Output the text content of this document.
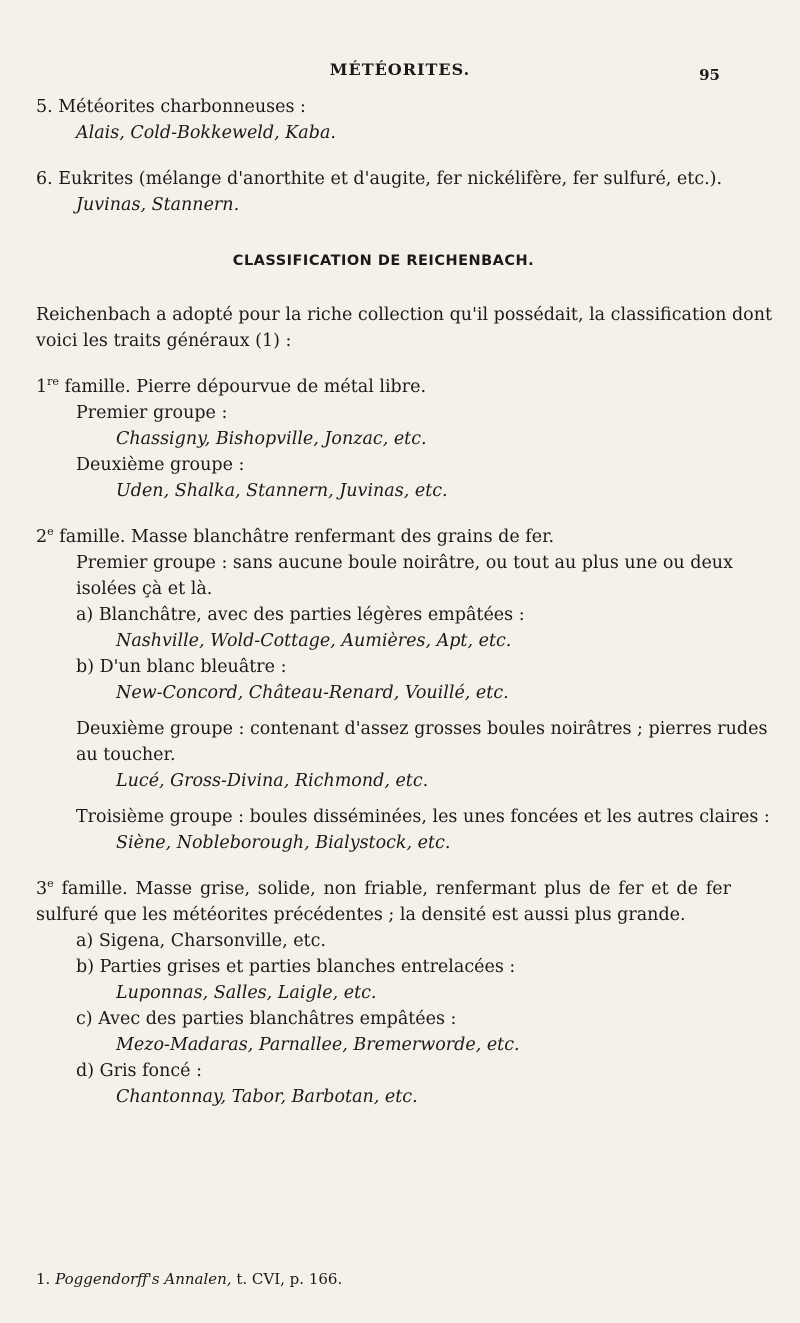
MÉTÉORITES.	95
5. Météorites charbonneuses :
Alais, Cold-Bokkeweld, Kaba.
6. Eukrites (mélange d'anorthite et d'augite, fer nickélifère, fer sulfuré, etc.).
Juvinas, Stannern.
CLASSIFICATION DE REICHENBACH.
Reichenbach a adopté pour la riche collection qu'il possédait, la classification dont
voici les traits généraux (1) :
1re famille. Pierre dépourvue de métal libre.
Premier groupe :
Chassigny, Bishopville, Jonzac, etc.
Deuxième groupe :
Uden, Shalka, Stannern, Juvinas, etc.
2e famille. Masse blanchâtre renfermant des grains de fer.
Premier groupe : sans aucune boule noirâtre, ou tout au plus une ou deux
isolées çà et là.
a) Blanchâtre, avec des parties légères empâtées :
Nashville, Wold-Cottage, Aumières, Apt, etc.
b) D'un blanc bleuâtre :
New-Concord, Château-Renard, Vouillé, etc.
Deuxième groupe : contenant d'assez grosses boules noirâtres ; pierres rudes
au toucher.
Lucé, Gross-Divina, Richmond, etc.
Troisième groupe : boules disséminées, les unes foncées et les autres claires :
Siène, Nobleborough, Bialystock, etc.
3e famille. Masse grise, solide, non friable, renfermant plus de fer et de fer
sulfuré que les météorites précédentes ; la densité est aussi plus grande.
a) Sigena, Charsonville, etc.
b) Parties grises et parties blanches entrelacées :
Luponnas, Salles, Laigle, etc.
c) Avec des parties blanchâtres empâtées :
Mezo-Madaras, Parnallee, Bremerworde, etc.
d) Gris foncé :
Chantonnay, Tabor, Barbotan, etc.
1. Poggendorff's Annalen, t. CVI, p. 166.
